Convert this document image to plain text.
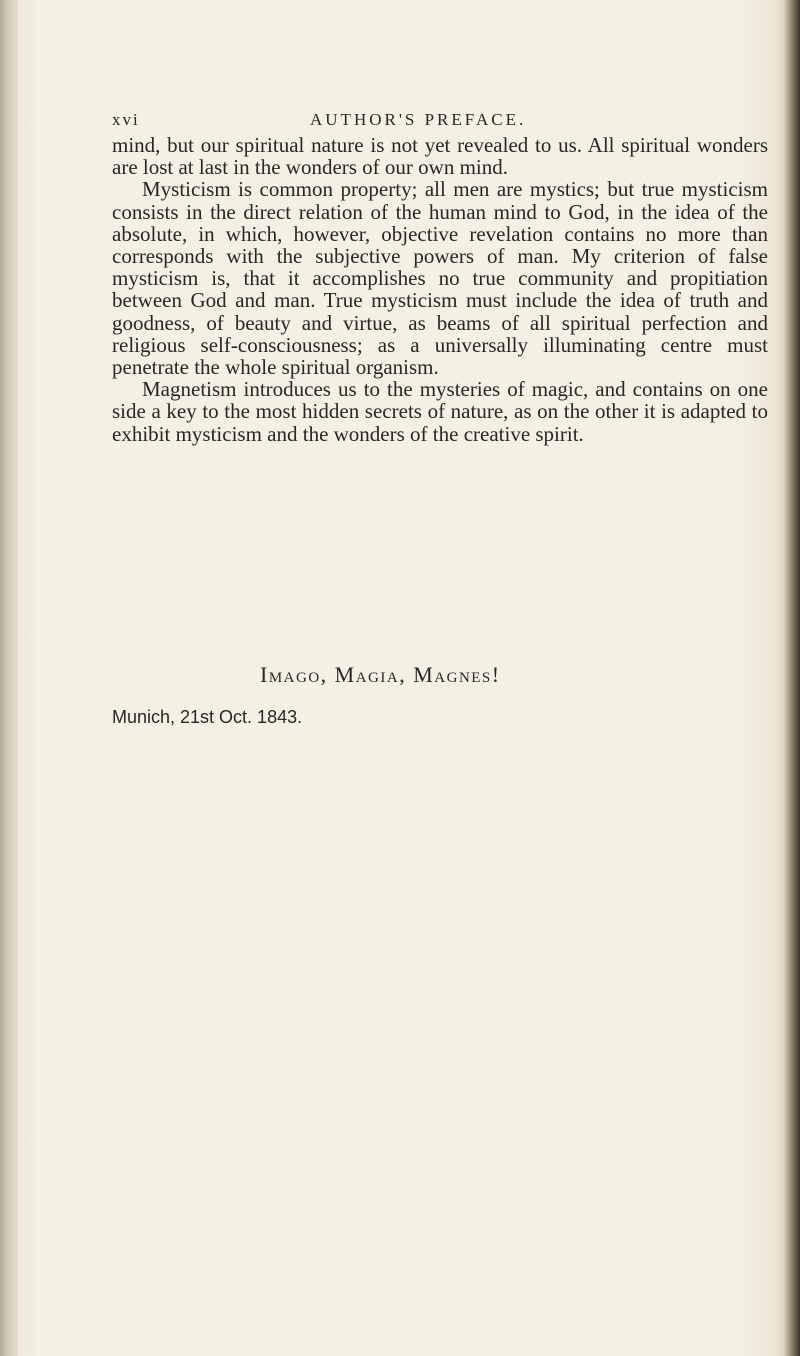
xvi	AUTHOR'S PREFACE.

mind, but our spiritual nature is not yet revealed to us. All spiritual wonders are lost at last in the wonders of our own mind.

Mysticism is common property; all men are mystics; but true mysticism consists in the direct relation of the human mind to God, in the idea of the absolute, in which, however, objective revelation contains no more than corresponds with the subjective powers of man. My criterion of false mysticism is, that it accomplishes no true community and propitiation between God and man. True mysticism must include the idea of truth and goodness, of beauty and virtue, as beams of all spiritual perfection and religious self-consciousness; as a universally illuminating centre must penetrate the whole spiritual organism.

Magnetism introduces us to the mysteries of magic, and contains on one side a key to the most hidden secrets of nature, as on the other it is adapted to exhibit mysticism and the wonders of the creative spirit.

Imago, Magia, Magnes!
Munich, 21st Oct. 1843.
